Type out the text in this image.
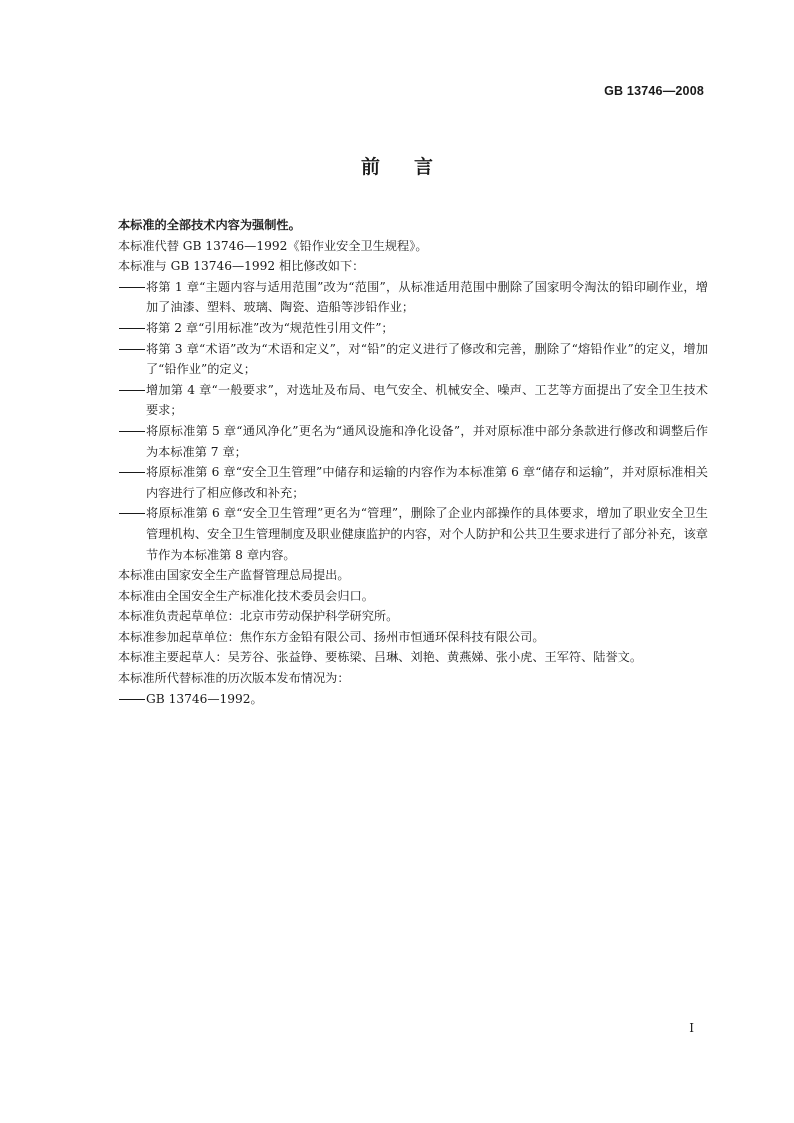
GB 13746—2008
前言

本标准的全部技术内容为强制性。

本标准代替 GB 13746—1992《铅作业安全卫生规程》。

本标准与 GB 13746—1992 相比修改如下：

将第 1 章“主题内容与适用范围”改为“范围”，从标准适用范围中删除了国家明令淘汰的铅印刷作业，增加了油漆、塑料、玻璃、陶瓷、造船等涉铅作业；
将第 2 章“引用标准”改为“规范性引用文件”；
将第 3 章“术语”改为“术语和定义”，对“铅”的定义进行了修改和完善，删除了“熔铅作业”的定义，增加了“铅作业”的定义；
增加第 4 章“一般要求”，对选址及布局、电气安全、机械安全、噪声、工艺等方面提出了安全卫生技术要求；
将原标准第 5 章“通风净化”更名为“通风设施和净化设备”，并对原标准中部分条款进行修改和调整后作为本标准第 7 章；
将原标准第 6 章“安全卫生管理”中储存和运输的内容作为本标准第 6 章“储存和运输”，并对原标准相关内容进行了相应修改和补充；
将原标准第 6 章“安全卫生管理”更名为“管理”，删除了企业内部操作的具体要求，增加了职业安全卫生管理机构、安全卫生管理制度及职业健康监护的内容，对个人防护和公共卫生要求进行了部分补充，该章节作为本标准第 8 章内容。

本标准由国家安全生产监督管理总局提出。

本标准由全国安全生产标准化技术委员会归口。

本标准负责起草单位：北京市劳动保护科学研究所。

本标准参加起草单位：焦作东方金铅有限公司、扬州市恒通环保科技有限公司。

本标准主要起草人：吴芳谷、张益铮、要栋梁、吕琳、刘艳、黄燕娣、张小虎、王军符、陆誉文。

本标准所代替标准的历次版本发布情况为：

GB 13746—1992。
I
